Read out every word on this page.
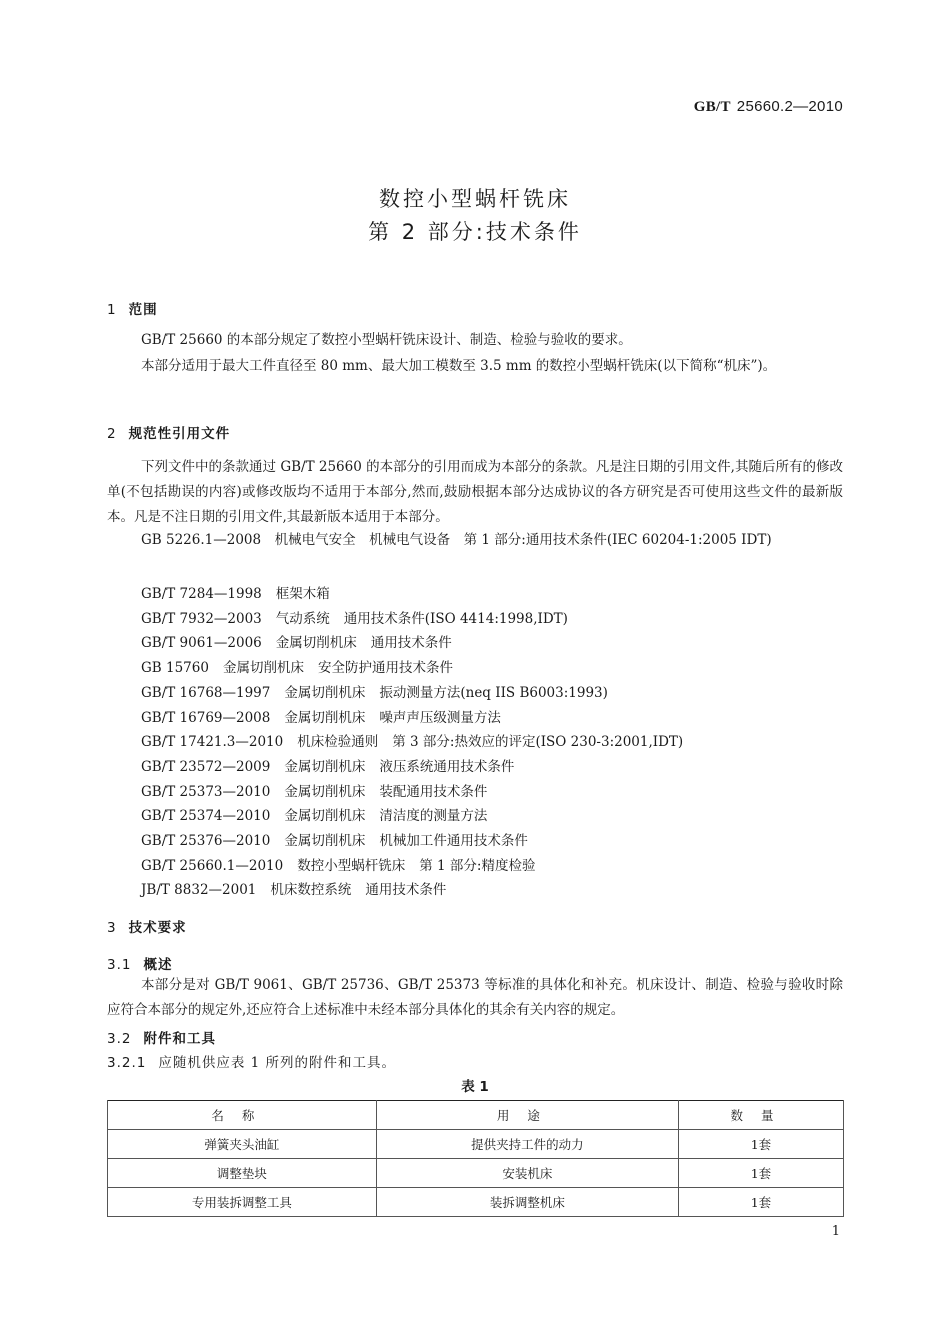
GB/T 25660.2—2010
数控小型蜗杆铣床
第 2 部分:技术条件
1 范围
GB/T 25660 的本部分规定了数控小型蜗杆铣床设计、制造、检验与验收的要求。
本部分适用于最大工件直径至 80 mm、最大加工模数至 3.5 mm 的数控小型蜗杆铣床(以下简称“机床”)。
2 规范性引用文件
下列文件中的条款通过 GB/T 25660 的本部分的引用而成为本部分的条款。凡是注日期的引用文件,其随后所有的修改单(不包括勘误的内容)或修改版均不适用于本部分,然而,鼓励根据本部分达成协议的各方研究是否可使用这些文件的最新版本。凡是不注日期的引用文件,其最新版本适用于本部分。
GB 5226.1—2008  机械电气安全  机械电气设备  第 1 部分:通用技术条件(IEC 60204-1:2005 IDT)
GB/T 7284—1998 框架木箱
GB/T 7932—2003 气动系统 通用技术条件(ISO 4414:1998,IDT)
GB/T 9061—2006 金属切削机床 通用技术条件
GB 15760 金属切削机床 安全防护通用技术条件
GB/T 16768—1997 金属切削机床 振动测量方法(neq IIS B6003:1993)
GB/T 16769—2008 金属切削机床 噪声声压级测量方法
GB/T 17421.3—2010 机床检验通则 第 3 部分:热效应的评定(ISO 230-3:2001,IDT)
GB/T 23572—2009 金属切削机床 液压系统通用技术条件
GB/T 25373—2010 金属切削机床 装配通用技术条件
GB/T 25374—2010 金属切削机床 清洁度的测量方法
GB/T 25376—2010 金属切削机床 机械加工件通用技术条件
GB/T 25660.1—2010 数控小型蜗杆铣床 第 1 部分:精度检验
JB/T 8832—2001 机床数控系统 通用技术条件
3 技术要求
3.1 概述
本部分是对 GB/T 9061、GB/T 25736、GB/T 25373 等标准的具体化和补充。机床设计、制造、检验与验收时除应符合本部分的规定外,还应符合上述标准中未经本部分具体化的其余有关内容的规定。
3.2 附件和工具
3.2.1 应随机供应表 1 所列的附件和工具。
表 1
名称	用途	数量
弹簧夹头油缸	提供夹持工件的动力	1套
调整垫块	安装机床	1套
专用装拆调整工具	装拆调整机床	1套
1
